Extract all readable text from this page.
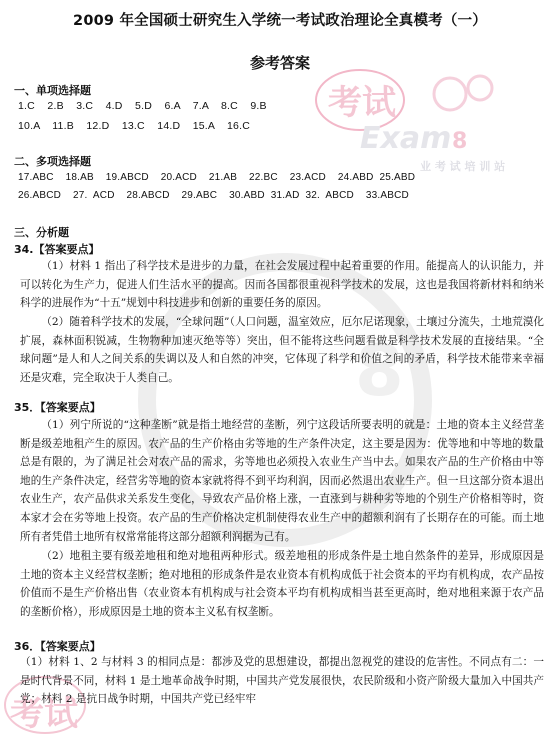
考试
Exam 8
业 考 试 培 训 站
8
考试
2009 年全国硕士研究生入学统一考试政治理论全真模考（一）
参考答案
一、单项选择题
1.C    2.B    3.C    4.D    5.D    6.A    7.A    8.C    9.B
10.A    11.B    12.D    13.C    14.D    15.A    16.C
二、多项选择题
17.ABC    18.AB    19.ABCD    20.ACD    21.AB    22.BC    23.ACD    24.ABD  25.ABD
26.ABCD    27.  ACD    28.ABCD    29.ABC    30.ABD  31.AD  32.  ABCD    33.ABCD
三、分析题
34.【答案要点】
（1）材料 1 指出了科学技术是进步的力量，在社会发展过程中起着重要的作用。能提高人的认识能力，并可以转化为生产力，促进人们生活水平的提高。因而各国都很重视科学技术的发展，这也是我国将新材料和纳米科学的进展作为“十五”规划中科技进步和创新的重要任务的原因。
（2）随着科学技术的发展，“全球问题”（人口问题，温室效应，厄尔尼诺现象，土壤过分流失，土地荒漠化扩展，森林面积锐减，生物物种加速灭绝等等）突出，但不能将这些问题看做是科学技术发展的直接结果。“全球问题”是人和人之间关系的失调以及人和自然的冲突，它体现了科学和价值之间的矛盾，科学技术能带来幸福还是灾难，完全取决于人类自己。
35．【答案要点】
（1）列宁所说的“这种垄断”就是指土地经营的垄断，列宁这段话所要表明的就是：土地的资本主义经营垄断是级差地租产生的原因。农产品的生产价格由劣等地的生产条件决定，这主要是因为：优等地和中等地的数量总是有限的，为了满足社会对农产品的需求，劣等地也必须投入农业生产当中去。如果农产品的生产价格由中等地的生产条件决定，经营劣等地的资本家就将得不到平均利润，因而必然退出农业生产。但一旦这部分资本退出农业生产，农产品供求关系发生变化，导致农产品价格上涨，一直涨到与耕种劣等地的个别生产价格相等时，资本家才会在劣等地上投资。农产品的生产价格决定机制使得农业生产中的超额利润有了长期存在的可能。而土地所有者凭借土地所有权常常能将这部分超额利润据为己有。
（2）地租主要有级差地租和绝对地租两种形式。级差地租的形成条件是土地自然条件的差异，形成原因是土地的资本主义经营权垄断；绝对地租的形成条件是农业资本有机构成低于社会资本的平均有机构成，农产品按价值而不是生产价格出售（农业资本有机构成与社会资本平均有机构成相当甚至更高时，绝对地租来源于农产品的垄断价格），形成原因是土地的资本主义私有权垄断。
36．【答案要点】
（1）材料 1、2 与材料 3 的相同点是：都涉及党的思想建设，都提出忽视党的建设的危害性。不同点有二：一是时代背景不同，材料 1 是土地革命战争时期，中国共产党发展很快，农民阶级和小资产阶级大量加入中国共产党；材料 2 是抗日战争时期，中国共产党已经牢牢
